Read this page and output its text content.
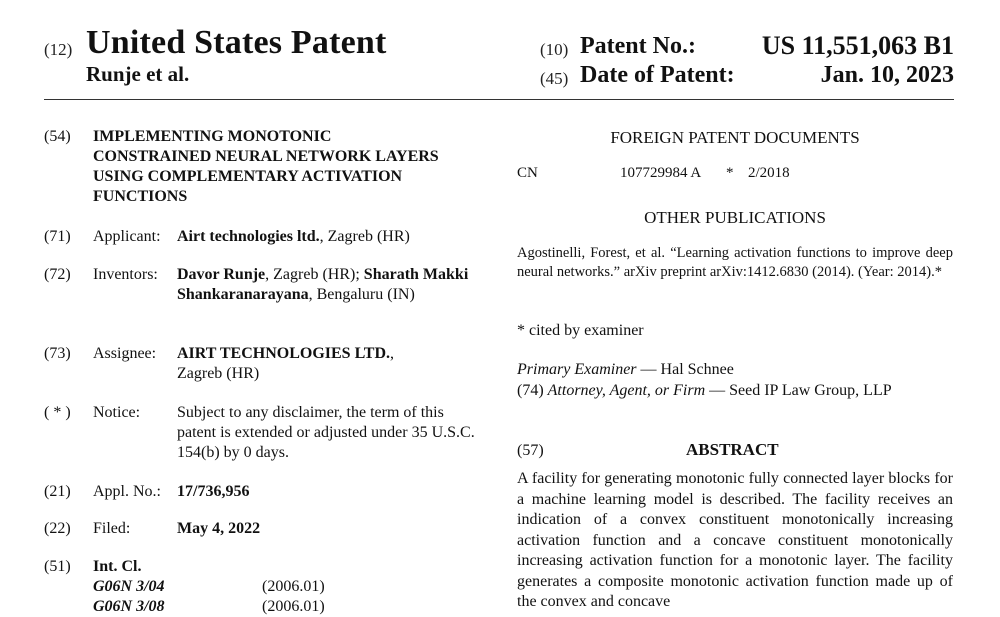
(12) United States Patent
Runje et al.
(10) Patent No.:	US 11,551,063 B1
(45) Date of Patent:	Jan. 10, 2023
(54) IMPLEMENTING MONOTONIC CONSTRAINED NEURAL NETWORK LAYERS USING COMPLEMENTARY ACTIVATION FUNCTIONS
(71) Applicant: Airt technologies ltd., Zagreb (HR)
(72) Inventors: Davor Runje, Zagreb (HR); Sharath Makki Shankaranarayana, Bengaluru (IN)
(73) Assignee: AIRT TECHNOLOGIES LTD., Zagreb (HR)
( * ) Notice: Subject to any disclaimer, the term of this patent is extended or adjusted under 35 U.S.C. 154(b) by 0 days.
(21) Appl. No.: 17/736,956
(22) Filed:	May 4, 2022
(51) Int. Cl.
G06N 3/04	(2006.01)
G06N 3/08	(2006.01)
FOREIGN PATENT DOCUMENTS
CN	107729984 A * 2/2018
OTHER PUBLICATIONS
Agostinelli, Forest, et al. “Learning activation functions to improve deep neural networks.” arXiv preprint arXiv:1412.6830 (2014). (Year: 2014).*
* cited by examiner
Primary Examiner — Hal Schnee
(74) Attorney, Agent, or Firm — Seed IP Law Group, LLP
(57)	ABSTRACT
A facility for generating monotonic fully connected layer blocks for a machine learning model is described. The facility receives an indication of a convex constituent monotonically increasing activation function and a concave constituent monotonically increasing activation function for a monotonic layer. The facility generates a composite monotonic activation function made up of the convex and concave
